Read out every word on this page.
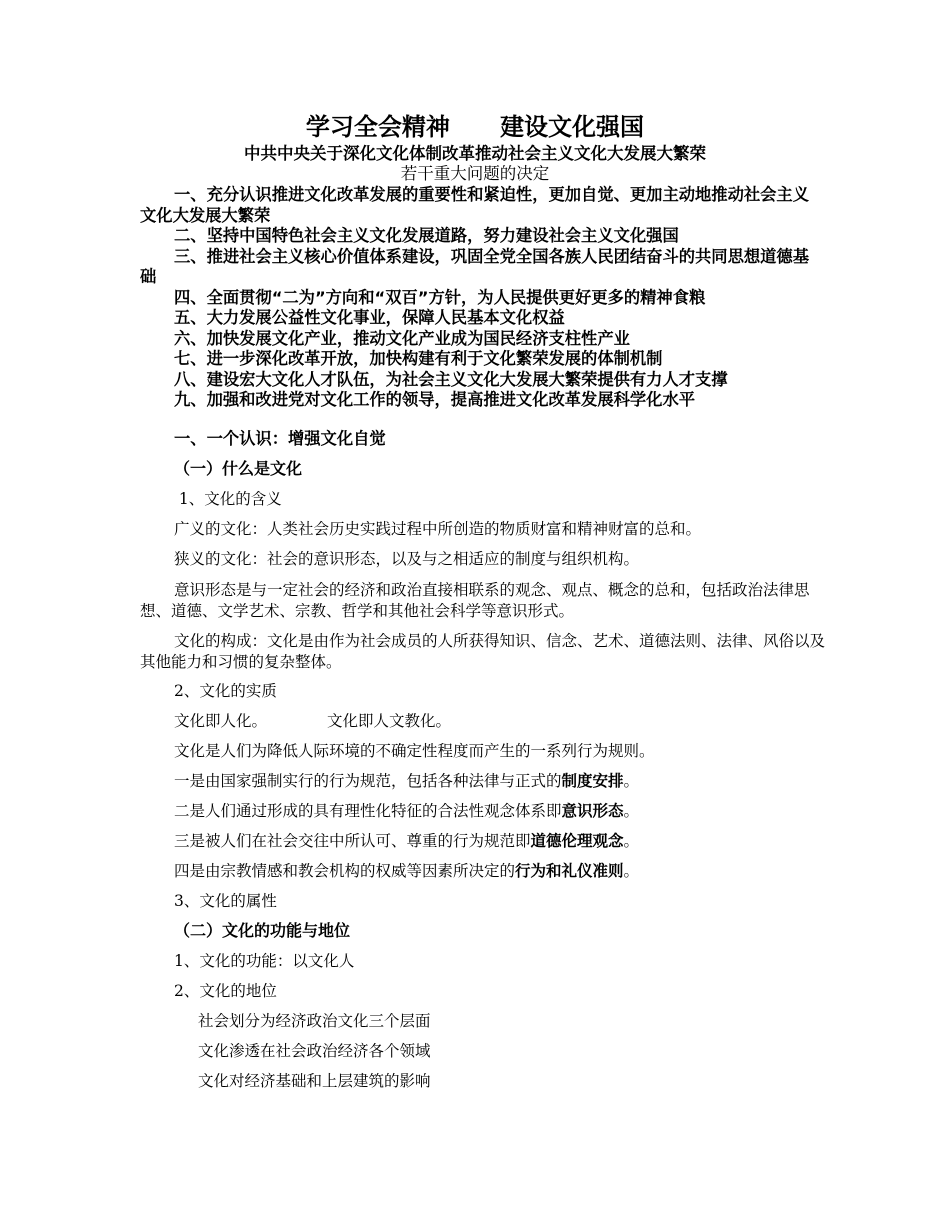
学习全会精神 建设文化强国
中共中央关于深化文化体制改革推动社会主义文化大发展大繁荣
若干重大问题的决定

一、充分认识推进文化改革发展的重要性和紧迫性，更加自觉、更加主动地推动社会主义文化大发展大繁荣

二、坚持中国特色社会主义文化发展道路，努力建设社会主义文化强国

三、推进社会主义核心价值体系建设，巩固全党全国各族人民团结奋斗的共同思想道德基础

四、全面贯彻“二为”方向和“双百”方针，为人民提供更好更多的精神食粮

五、大力发展公益性文化事业，保障人民基本文化权益

六、加快发展文化产业，推动文化产业成为国民经济支柱性产业

七、进一步深化改革开放，加快构建有利于文化繁荣发展的体制机制

八、建设宏大文化人才队伍，为社会主义文化大发展大繁荣提供有力人才支撑

九、加强和改进党对文化工作的领导，提高推进文化改革发展科学化水平

一、一个认识：增强文化自觉
（一）什么是文化

1、文化的含义

广义的文化：人类社会历史实践过程中所创造的物质财富和精神财富的总和。

狭义的文化：社会的意识形态，以及与之相适应的制度与组织机构。

意识形态是与一定社会的经济和政治直接相联系的观念、观点、概念的总和，包括政治法律思想、道德、文学艺术、宗教、哲学和其他社会科学等意识形式。

文化的构成：文化是由作为社会成员的人所获得知识、信念、艺术、道德法则、法律、风俗以及其他能力和习惯的复杂整体。

2、文化的实质

文化即人化。	文化即人文教化。

文化是人们为降低人际环境的不确定性程度而产生的一系列行为规则。

一是由国家强制实行的行为规范，包括各种法律与正式的制度安排。

二是人们通过形成的具有理性化特征的合法性观念体系即意识形态。

三是被人们在社会交往中所认可、尊重的行为规范即道德伦理观念。

四是由宗教情感和教会机构的权威等因素所决定的行为和礼仪准则。

3、文化的属性

（二）文化的功能与地位

1、文化的功能：以文化人

2、文化的地位

社会划分为经济政治文化三个层面

文化渗透在社会政治经济各个领域

文化对经济基础和上层建筑的影响
